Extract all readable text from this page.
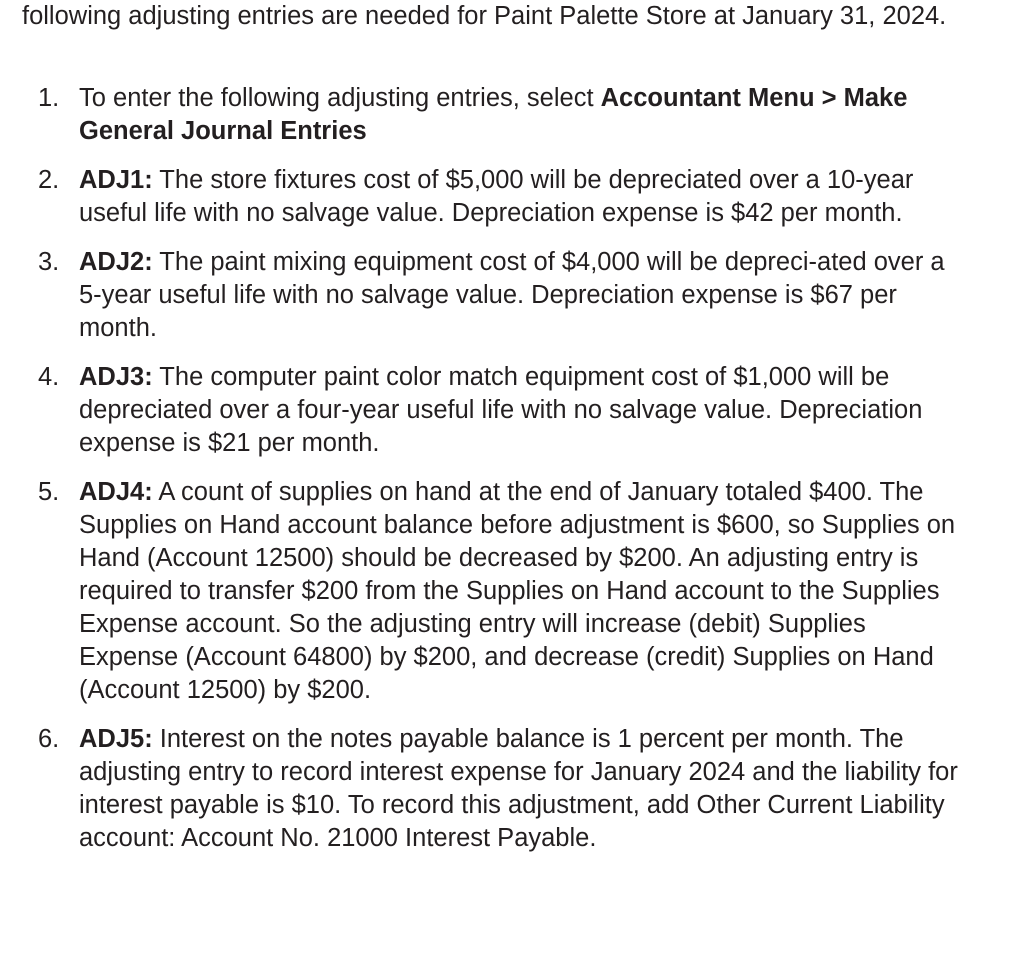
following adjusting entries are needed for Paint Palette Store at January 31, 2024.

1. To enter the following adjusting entries, select Accountant Menu > Make General Journal Entries
2. ADJ1: The store fixtures cost of $5,000 will be depreciated over a 10-year useful life with no salvage value. Depreciation expense is $42 per month.
3. ADJ2: The paint mixing equipment cost of $4,000 will be depreci-ated over a 5-year useful life with no salvage value. Depreciation expense is $67 per month.
4. ADJ3: The computer paint color match equipment cost of $1,000 will be depreciated over a four-year useful life with no salvage value. Depreciation expense is $21 per month.
5. ADJ4: A count of supplies on hand at the end of January totaled $400. The Supplies on Hand account balance before adjustment is $600, so Supplies on Hand (Account 12500) should be decreased by $200. An adjusting entry is required to transfer $200 from the Supplies on Hand account to the Supplies Expense account. So the adjusting entry will increase (debit) Supplies Expense (Account 64800) by $200, and decrease (credit) Supplies on Hand (Account 12500) by $200.
6. ADJ5: Interest on the notes payable balance is 1 percent per month. The adjusting entry to record interest expense for January 2024 and the liability for interest payable is $10. To record this adjustment, add Other Current Liability account: Account No. 21000 Interest Payable.
